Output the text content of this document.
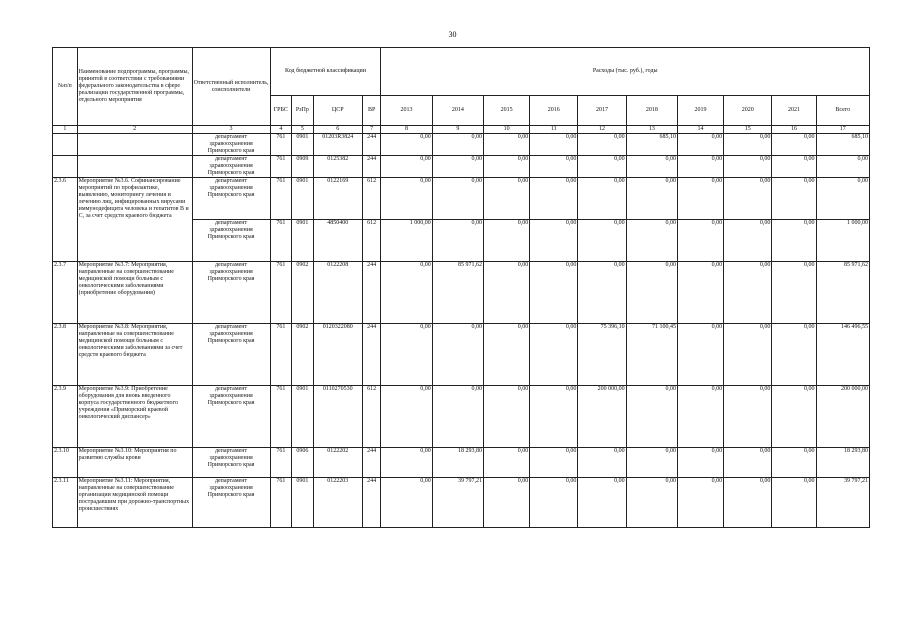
30
№п/п	Наименование подпрограммы, программы, принятой в соответствии с требованиями федерального законодательства в сфере реализации государственной программы, отдельного мероприятия	Ответственный исполнитель, соисполнители	Код бюджетной классификации				Расходы (тыс. руб.), годы									
			ГРБС	РзПр	ЦСР	ВР	2013	2014	2015	2016	2017	2018	2019	2020	2021	Всего
1	2	3	4	5	6	7	8	9	10	11	12	13	14	15	16	17
		департамент здравоохранения Приморского края	761	0901	01203R3824	244	0,00	0,00	0,00	0,00	0,00	685,10	0,00	0,00	0,00	685,10
		департамент здравоохранения Приморского края	761	0909	0125382	244	0,00	0,00	0,00	0,00	0,00	0,00	0,00	0,00	0,00	0,00
2.3.6	Мероприятие №3.6. Софинансирование мероприятий по профилактике, выявлению, мониторингу лечения и лечению лиц, инфицированных вирусами иммунодефицита человека и гепатитов В и С, за счет средств краевого бюджета	департамент здравоохранения Приморского края	761	0901	0122169	612	0,00	0,00	0,00	0,00	0,00	0,00	0,00	0,00	0,00	0,00
		департамент здравоохранения Приморского края	761	0901	4850400	612	1 000,00	0,00	0,00	0,00	0,00	0,00	0,00	0,00	0,00	1 000,00
2.3.7	Мероприятие №3.7: Мероприятия, направленные на совершенствование медицинской помощи больным с онкологическими заболеваниями (приобретение оборудования)	департамент здравоохранения Приморского края	761	0902	0122208	244	0,00	85 971,62	0,00	0,00	0,00	0,00	0,00	0,00	0,00	85 971,62
2.3.8	Мероприятие №3.8: Мероприятия, направленные на совершенствование медицинской помощи больным с онкологическими заболеваниями за счет средств краевого бюджета	департамент здравоохранения Приморского края	761	0902	0120322080	244	0,00	0,00	0,00	0,00	75 396,10	71 100,45	0,00	0,00	0,00	146 496,55
2.3.9	Мероприятие №3.9: Приобретение оборудования для вновь введенного корпуса государственного бюджетного учреждения «Приморский краевой онкологический диспансер»	департамент здравоохранения Приморского края	761	0901	0110270530	612	0,00	0,00	0,00	0,00	200 000,00	0,00	0,00	0,00	0,00	200 000,00
2.3.10	Мероприятие №3.10: Мероприятия по развитию службы крови	департамент здравоохранения Приморского края	761	0906	0122202	244	0,00	18 293,80	0,00	0,00	0,00	0,00	0,00	0,00	0,00	18 293,80
2.3.11	Мероприятие №3.11: Мероприятия, направленные на совершенствование организации медицинской помощи пострадавшим при дорожно-транспортных происшествиях	департамент здравоохранения Приморского края	761	0901	0122203	244	0,00	39 797,21	0,00	0,00	0,00	0,00	0,00	0,00	0,00	39 797,21
